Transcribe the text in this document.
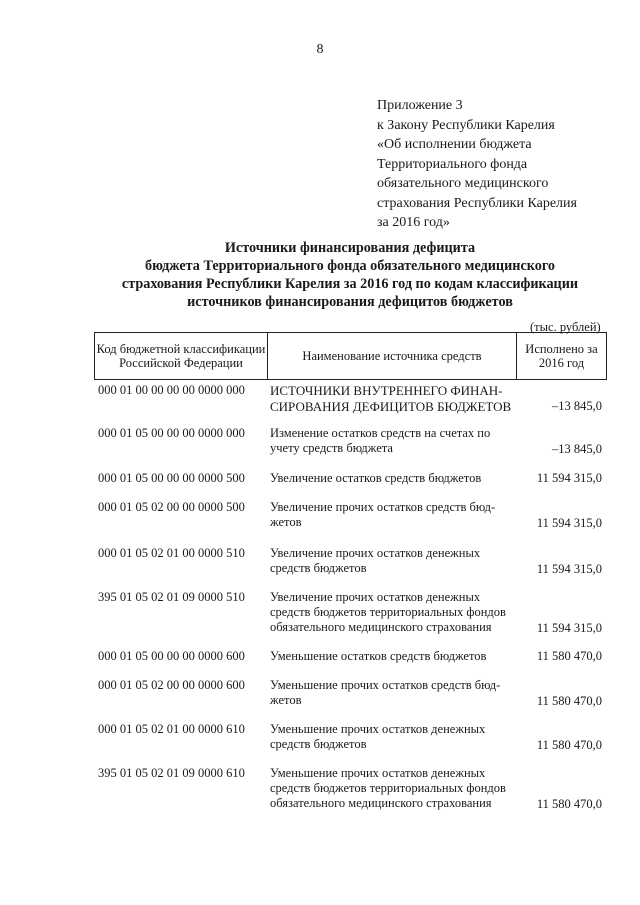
8
Приложение 3
к Закону Республики Карелия
«Об исполнении бюджета
Территориального фонда
обязательного медицинского
страхования Республики Карелия
за 2016 год»
Источники финансирования дефицита
бюджета Территориального фонда обязательного медицинского
страхования Республики Карелия за 2016 год по кодам классификации
источников финансирования дефицитов бюджетов
(тыс. рублей)
Код бюджетной классификации Российской Федерации	Наименование источника средств	Исполнено за 2016 год
000 01 00 00 00 00 0000 000	ИСТОЧНИКИ ВНУТРЕННЕГО ФИНАН-
СИРОВАНИЯ ДЕФИЦИТОВ БЮДЖЕТОВ	–13 845,0
000 01 05 00 00 00 0000 000	Изменение остатков средств на счетах по
учету средств бюджета	–13 845,0
000 01 05 00 00 00 0000 500	Увеличение остатков средств бюджетов	11 594 315,0
000 01 05 02 00 00 0000 500	Увеличение прочих остатков средств бюд-
жетов	11 594 315,0
000 01 05 02 01 00 0000 510	Увеличение прочих остатков денежных
средств бюджетов	11 594 315,0
395 01 05 02 01 09 0000 510	Увеличение прочих остатков денежных
средств бюджетов территориальных фондов
обязательного медицинского страхования	11 594 315,0
000 01 05 00 00 00 0000 600	Уменьшение остатков средств бюджетов	11 580 470,0
000 01 05 02 00 00 0000 600	Уменьшение прочих остатков средств бюд-
жетов	11 580 470,0
000 01 05 02 01 00 0000 610	Уменьшение прочих остатков денежных
средств бюджетов	11 580 470,0
395 01 05 02 01 09 0000 610	Уменьшение прочих остатков денежных
средств бюджетов территориальных фондов
обязательного медицинского страхования	11 580 470,0
